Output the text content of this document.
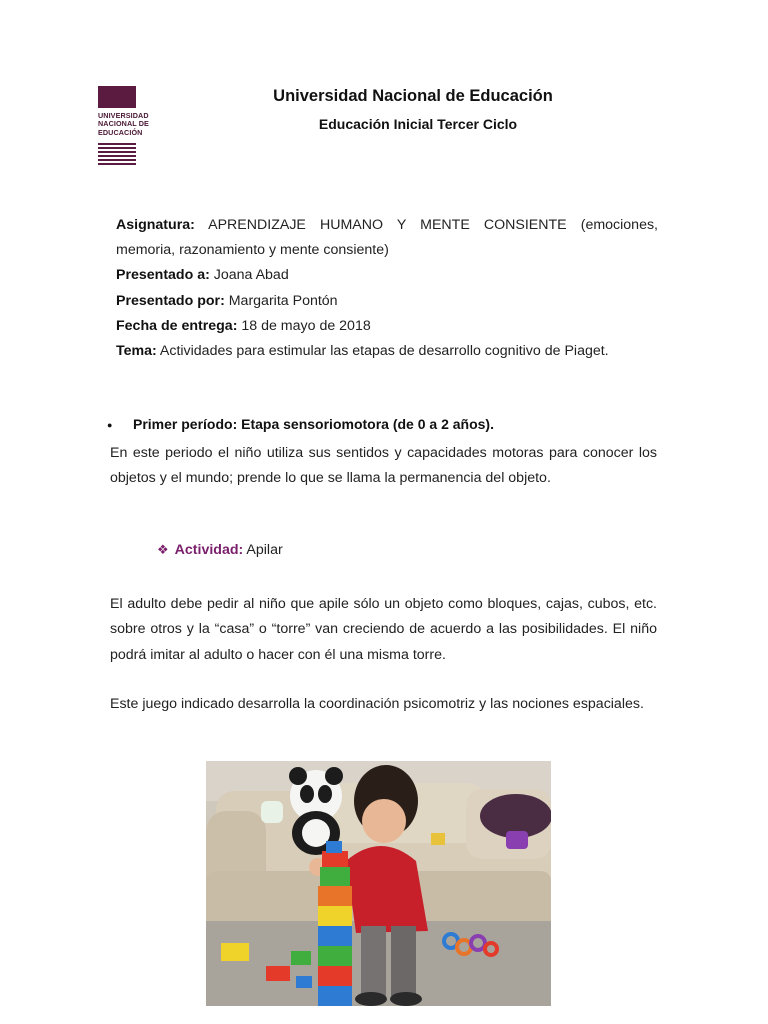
UNIVERSIDAD
NACIONAL DE
EDUCACIÓN
Universidad Nacional de Educación
Educación Inicial Tercer Ciclo
Asignatura: APRENDIZAJE HUMANO Y MENTE CONSIENTE (emociones, memoria, razonamiento y mente consiente)
Presentado a: Joana Abad
Presentado por: Margarita Pontón
Fecha de entrega: 18 de mayo de 2018
Tema: Actividades para estimular las etapas de desarrollo cognitivo de Piaget.
● Primer período: Etapa sensoriomotora (de 0 a 2 años).
En este periodo el niño utiliza sus sentidos y capacidades motoras para conocer los objetos y el mundo; prende lo que se llama la permanencia del objeto.
❖ Actividad: Apilar
El adulto debe pedir al niño que apile sólo un objeto como bloques, cajas, cubos, etc. sobre otros y la “casa” o “torre” van creciendo de acuerdo a las posibilidades. El niño podrá imitar al adulto o hacer con él una misma torre.
Este juego indicado desarrolla la coordinación psicomotriz y las nociones espaciales.
